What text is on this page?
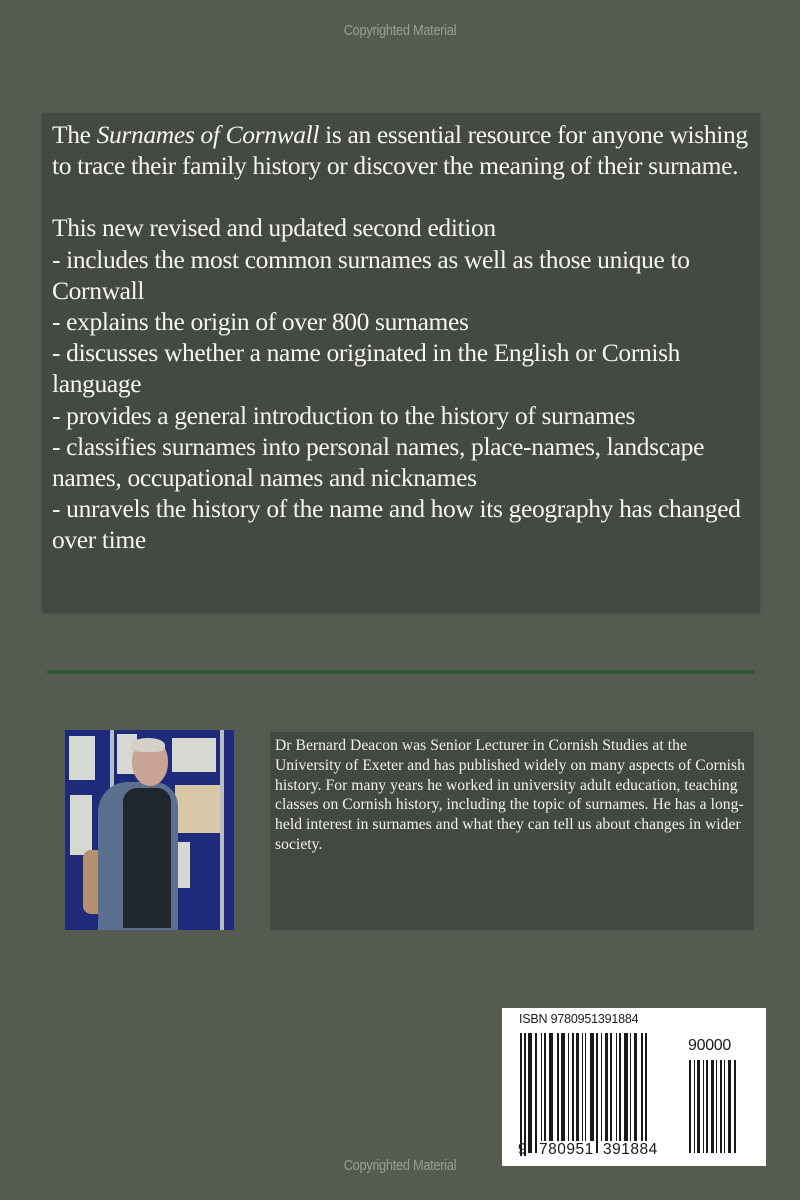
Copyrighted Material

The Surnames of Cornwall is an essential resource for anyone wishing to trace their family history or discover the meaning of their surname.

This new revised and updated second edition

- includes the most common surnames as well as those unique to Cornwall

- explains the origin of over 800 surnames

- discusses whether a name originated in the English or Cornish language

- provides a general introduction to the history of surnames

- classifies surnames into personal names, place-names, landscape names, occupational names and nicknames

- unravels the history of the name and how its geography has changed over time

Dr Bernard Deacon was Senior Lecturer in Cornish Studies at the University of Exeter and has published widely on many aspects of Cornish history. For many years he worked in university adult education, teaching classes on Cornish history, including the topic of surnames. He has a long-held interest in surnames and what they can tell us about changes in wider society.
ISBN 9780951391884
90000
9 780951 391884
Copyrighted Material
